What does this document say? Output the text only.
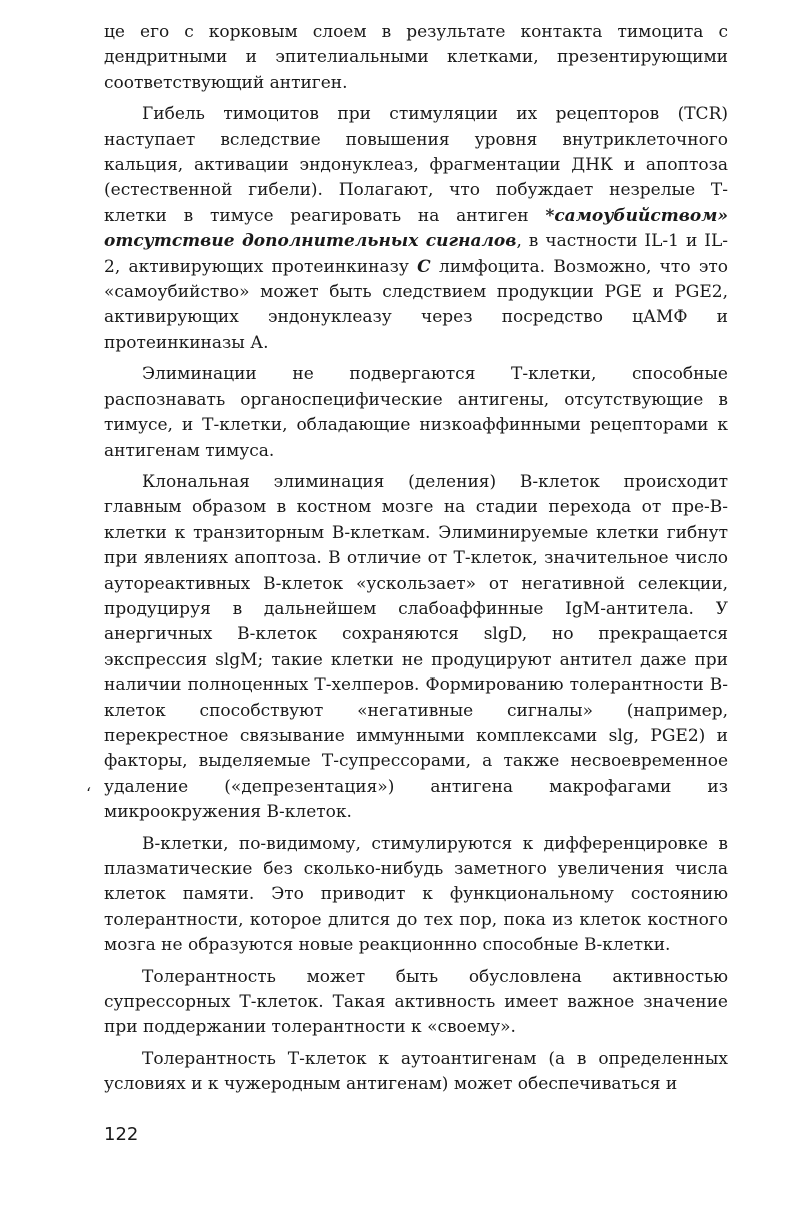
це его с корковым слоем в результате контакта тимоцита с дендритными и эпителиальными клетками, презентирующими соответствующий антиген.

Гибель тимоцитов при стимуляции их рецепторов (TCR) наступает вследствие повышения уровня внутриклеточного кальция, активации эндонуклеаз, фрагментации ДНК и апоптоза (естественной гибели). Полагают, что побуждает незрелые Т-клетки в тимусе реагировать на антиген *самоубийством» отсутствие дополнительных сигналов, в частности IL-1 и IL-2, активирующих протеинкиназу С лимфоцита. Возможно, что это «самоубийство» может быть следствием продукции PGE и PGE2, активирующих эндонуклеазу через посредство цАМФ и протеинкиназы А.

Элиминации не подвергаются Т-клетки, способные распознавать органоспецифические антигены, отсутствующие в тимусе, и Т-клетки, обладающие низкоаффинными рецепторами к антигенам тимуса.

Клональная элиминация (деления) В-клеток происходит главным образом в костном мозге на стадии перехода от пре-В-клетки к транзиторным В-клеткам. Элиминируемые клетки гибнут при явлениях апоптоза. В отличие от Т-клеток, значительное число аутореактивных В-клеток «ускользает» от негативной селекции, продуцируя в дальнейшем слабоаффинные IgM-антитела. У анергичных В-клеток сохраняются slgD, но прекращается экспрессия slgM; такие клетки не продуцируют антител даже при наличии полноценных Т-хелперов. Формированию толерантности В-клеток способствуют «негативные сигналы» (например, перекрестное связывание иммунными комплексами slg, PGE2) и факторы, выделяемые Т-супрессорами, а также несвоевременное удаление («депрезентация») антигена макрофагами из микроокружения В-клеток.

В-клетки, по-видимому, стимулируются к дифференцировке в плазматические без сколько-нибудь заметного увеличения числа клеток памяти. Это приводит к функциональному состоянию толерантности, которое длится до тех пор, пока из клеток костного мозга не образуются новые реакционнно способные В-клетки.

Толерантность может быть обусловлена активностью супрессорных Т-клеток. Такая активность имеет важное значение при поддержании толерантности к «своему».

Толерантность Т-клеток к аутоантигенам (а в определенных условиях и к чужеродным антигенам) может обеспечиваться и

‘
122
